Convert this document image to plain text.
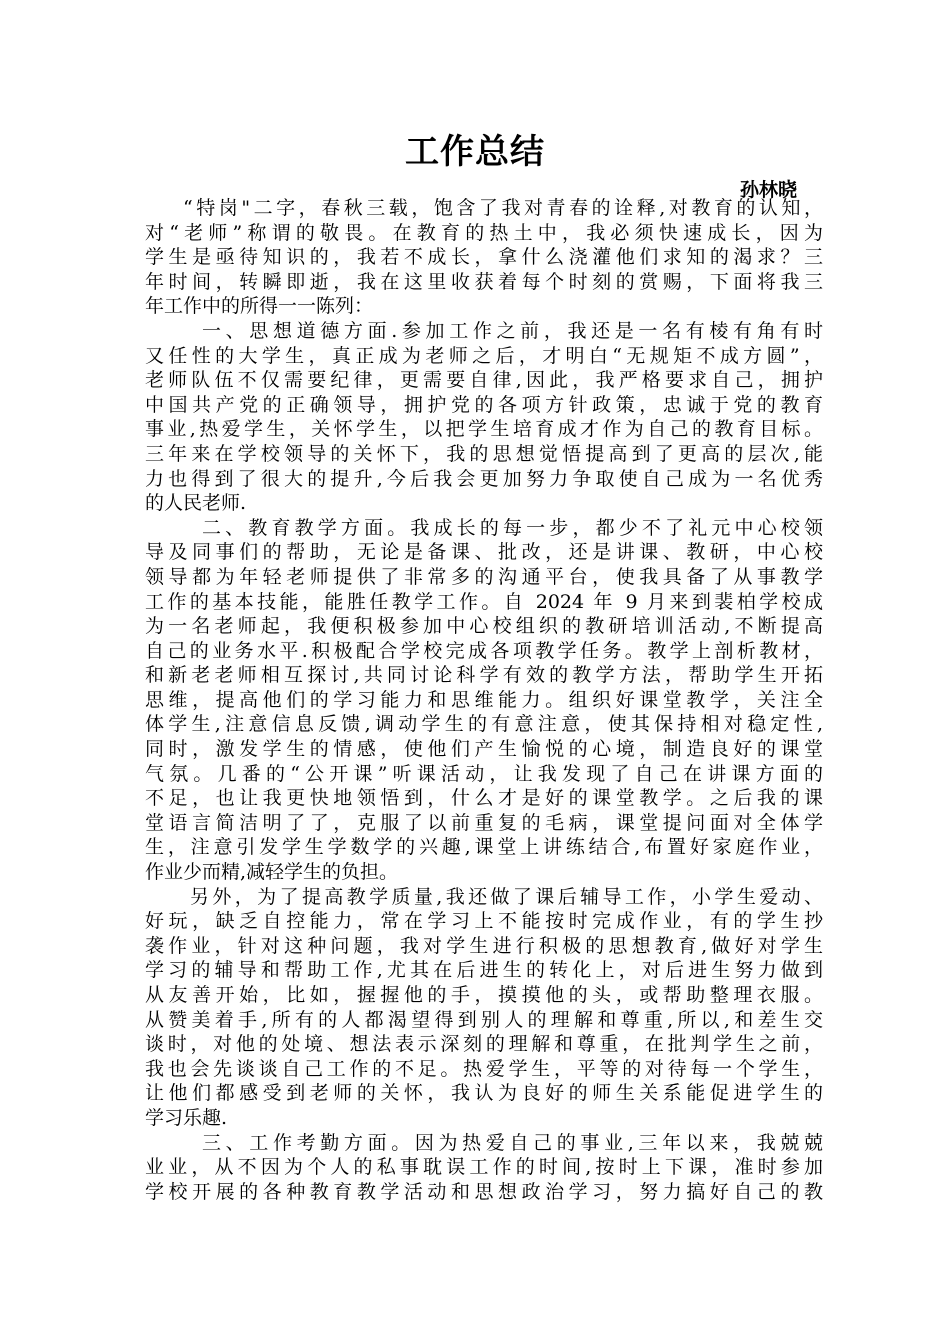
工作总结
孙林晓
“特岗"二字，春秋三载，饱含了我对青春的诠释,对教育的认知，
对“老师”称谓的敬畏。在教育的热土中，我必须快速成长，因为
学生是亟待知识的，我若不成长，拿什么浇灌他们求知的渴求？三
年时间，转瞬即逝，我在这里收获着每个时刻的赏赐，下面将我三
年工作中的所得一一陈列：
一、思想道德方面.参加工作之前，我还是一名有棱有角有时
又任性的大学生，真正成为老师之后，才明白“无规矩不成方圆”，
老师队伍不仅需要纪律，更需要自律,因此，我严格要求自己，拥护
中国共产党的正确领导，拥护党的各项方针政策，忠诚于党的教育
事业,热爱学生，关怀学生，以把学生培育成才作为自己的教育目标。
三年来在学校领导的关怀下，我的思想觉悟提高到了更高的层次,能
力也得到了很大的提升,今后我会更加努力争取使自己成为一名优秀
的人民老师.
二、教育教学方面。我成长的每一步，都少不了礼元中心校领
导及同事们的帮助，无论是备课、批改，还是讲课、教研，中心校
领导都为年轻老师提供了非常多的沟通平台，使我具备了从事教学
工作的基本技能，能胜任教学工作。自 2024 年 9 月来到裴柏学校成
为一名老师起，我便积极参加中心校组织的教研培训活动,不断提高
自己的业务水平.积极配合学校完成各项教学任务。教学上剖析教材，
和新老老师相互探讨,共同讨论科学有效的教学方法，帮助学生开拓
思维，提高他们的学习能力和思维能力。组织好课堂教学，关注全
体学生,注意信息反馈,调动学生的有意注意，使其保持相对稳定性,
同时，激发学生的情感，使他们产生愉悦的心境，制造良好的课堂
气氛。几番的“公开课”听课活动，让我发现了自己在讲课方面的
不足，也让我更快地领悟到，什么才是好的课堂教学。之后我的课
堂语言简洁明了了，克服了以前重复的毛病，课堂提问面对全体学
生，注意引发学生学数学的兴趣,课堂上讲练结合,布置好家庭作业，
作业少而精,减轻学生的负担。
另外，为了提高教学质量,我还做了课后辅导工作，小学生爱动、
好玩，缺乏自控能力，常在学习上不能按时完成作业，有的学生抄
袭作业，针对这种问题，我对学生进行积极的思想教育,做好对学生
学习的辅导和帮助工作,尤其在后进生的转化上，对后进生努力做到
从友善开始，比如，握握他的手，摸摸他的头，或帮助整理衣服。
从赞美着手,所有的人都渴望得到别人的理解和尊重,所以,和差生交
谈时，对他的处境、想法表示深刻的理解和尊重，在批判学生之前，
我也会先谈谈自己工作的不足。热爱学生，平等的对待每一个学生，
让他们都感受到老师的关怀，我认为良好的师生关系能促进学生的
学习乐趣.
三、工作考勤方面。因为热爱自己的事业,三年以来，我兢兢
业业，从不因为个人的私事耽误工作的时间,按时上下课，准时参加
学校开展的各种教育教学活动和思想政治学习，努力搞好自己的教
